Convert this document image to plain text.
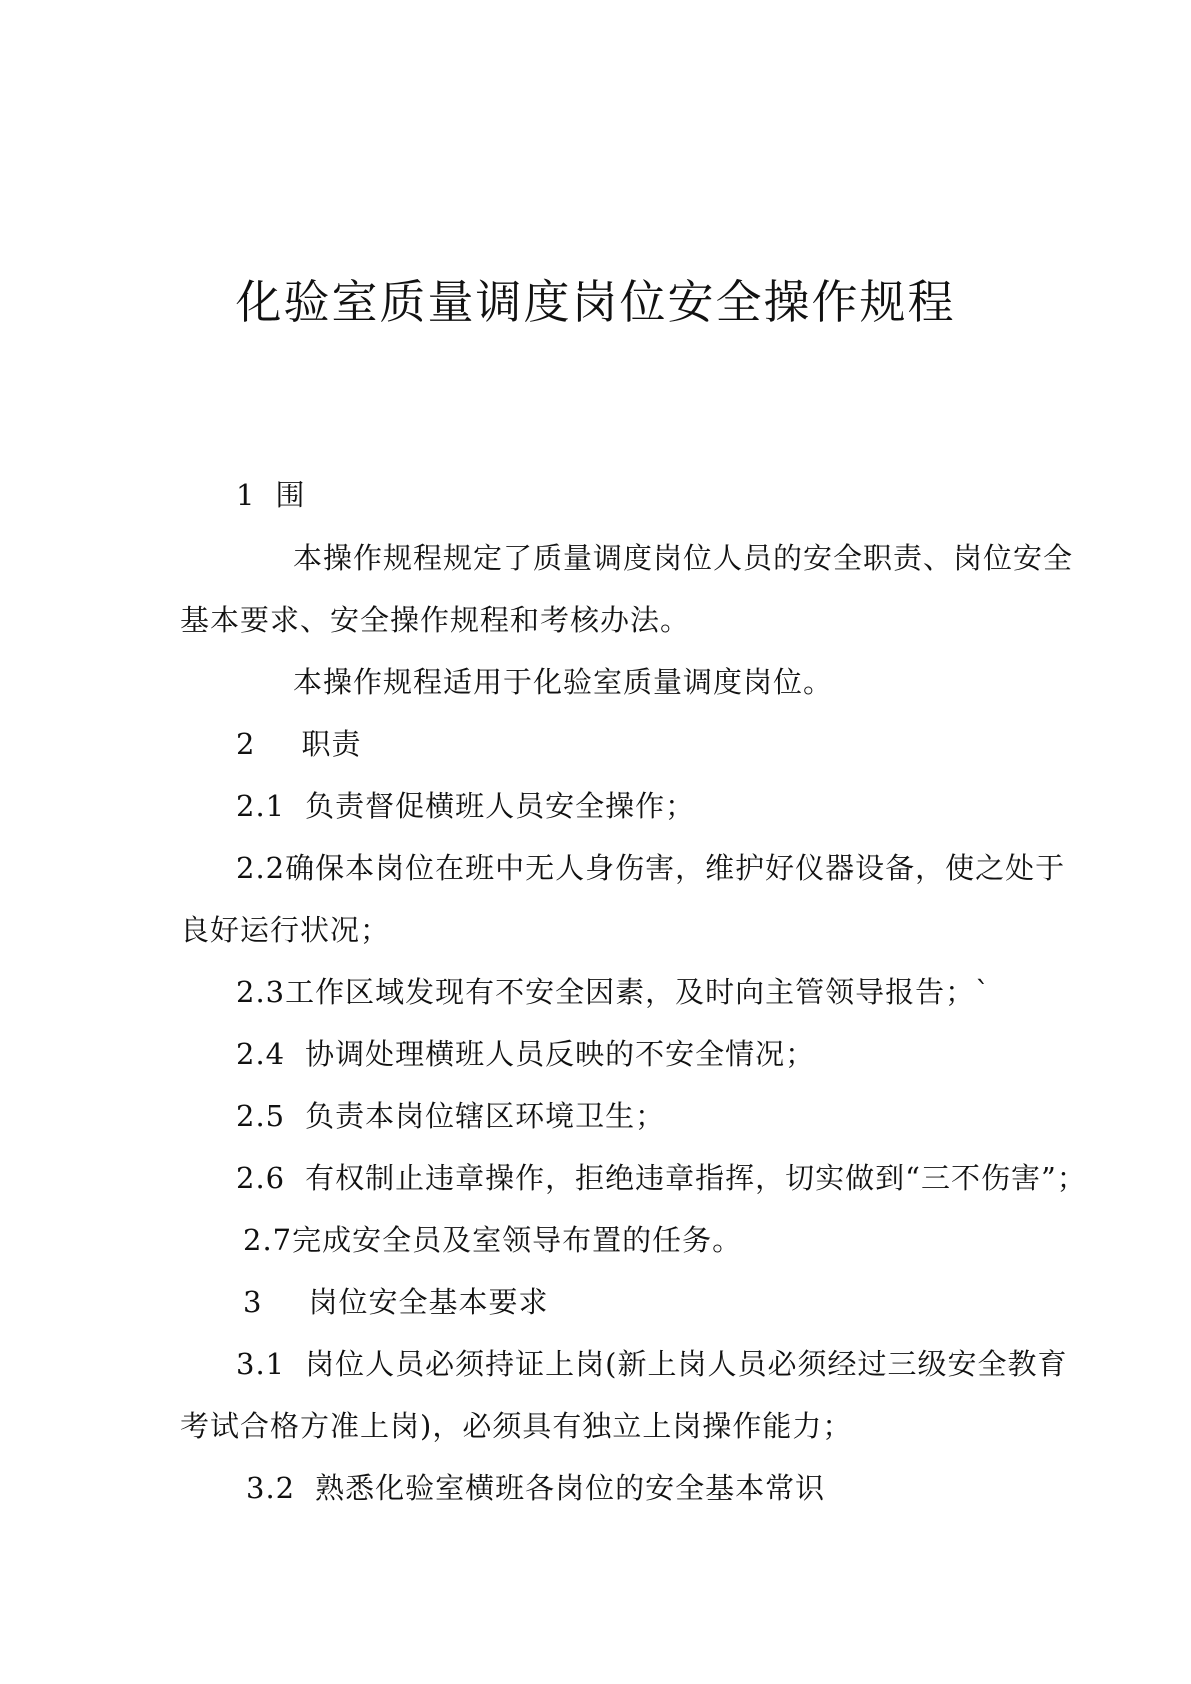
化验室质量调度岗位安全操作规程
1 围
本操作规程规定了质量调度岗位人员的安全职责、岗位安全
基本要求、安全操作规程和考核办法。
本操作规程适用于化验室质量调度岗位。
2 职责
2.1 负责督促横班人员安全操作；
2.2确保本岗位在班中无人身伤害，维护好仪器设备，使之处于
良好运行状况；
2.3工作区域发现有不安全因素，及时向主管领导报告；`
2.4 协调处理横班人员反映的不安全情况；
2.5 负责本岗位辖区环境卫生；
2.6 有权制止违章操作，拒绝违章指挥，切实做到“三不伤害”；
2.7完成安全员及室领导布置的任务。
3 岗位安全基本要求
3.1 岗位人员必须持证上岗(新上岗人员必须经过三级安全教育
考试合格方准上岗)，必须具有独立上岗操作能力；
3.2 熟悉化验室横班各岗位的安全基本常识
